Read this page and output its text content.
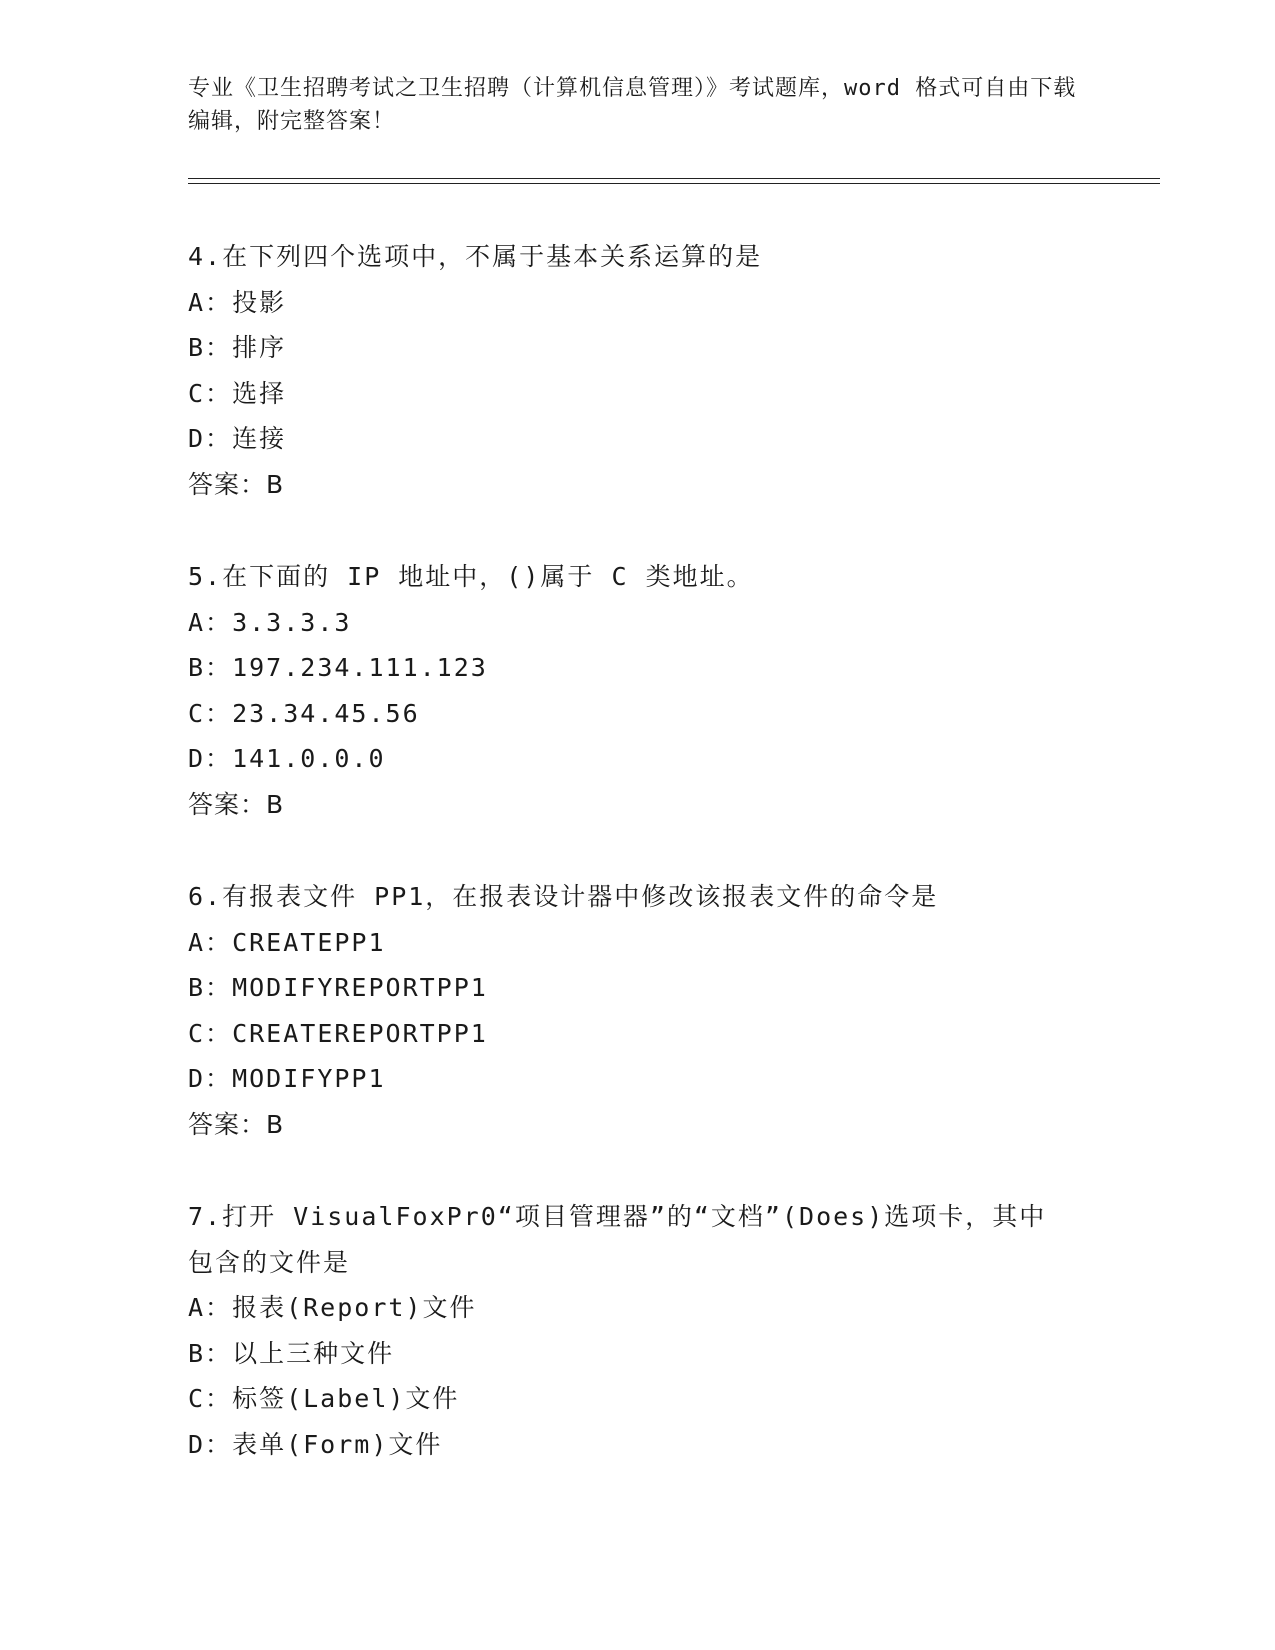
专业《卫生招聘考试之卫生招聘（计算机信息管理）》考试题库，word 格式可自由下载编辑，附完整答案！
4.在下列四个选项中，不属于基本关系运算的是
A：投影
B：排序
C：选择
D：连接
答案：B
5.在下面的 IP 地址中，()属于 C 类地址。
A：3.3.3.3
B：197.234.111.123
C：23.34.45.56
D：141.0.0.0
答案：B
6.有报表文件 PP1，在报表设计器中修改该报表文件的命令是
A：CREATEPP1
B：MODIFYREPORTPP1
C：CREATEREPORTPP1
D：MODIFYPP1
答案：B
7.打开 VisualFoxPr0“项目管理器”的“文档”(Does)选项卡，其中包含的文件是
A：报表(Report)文件
B：以上三种文件
C：标签(Label)文件
D：表单(Form)文件
